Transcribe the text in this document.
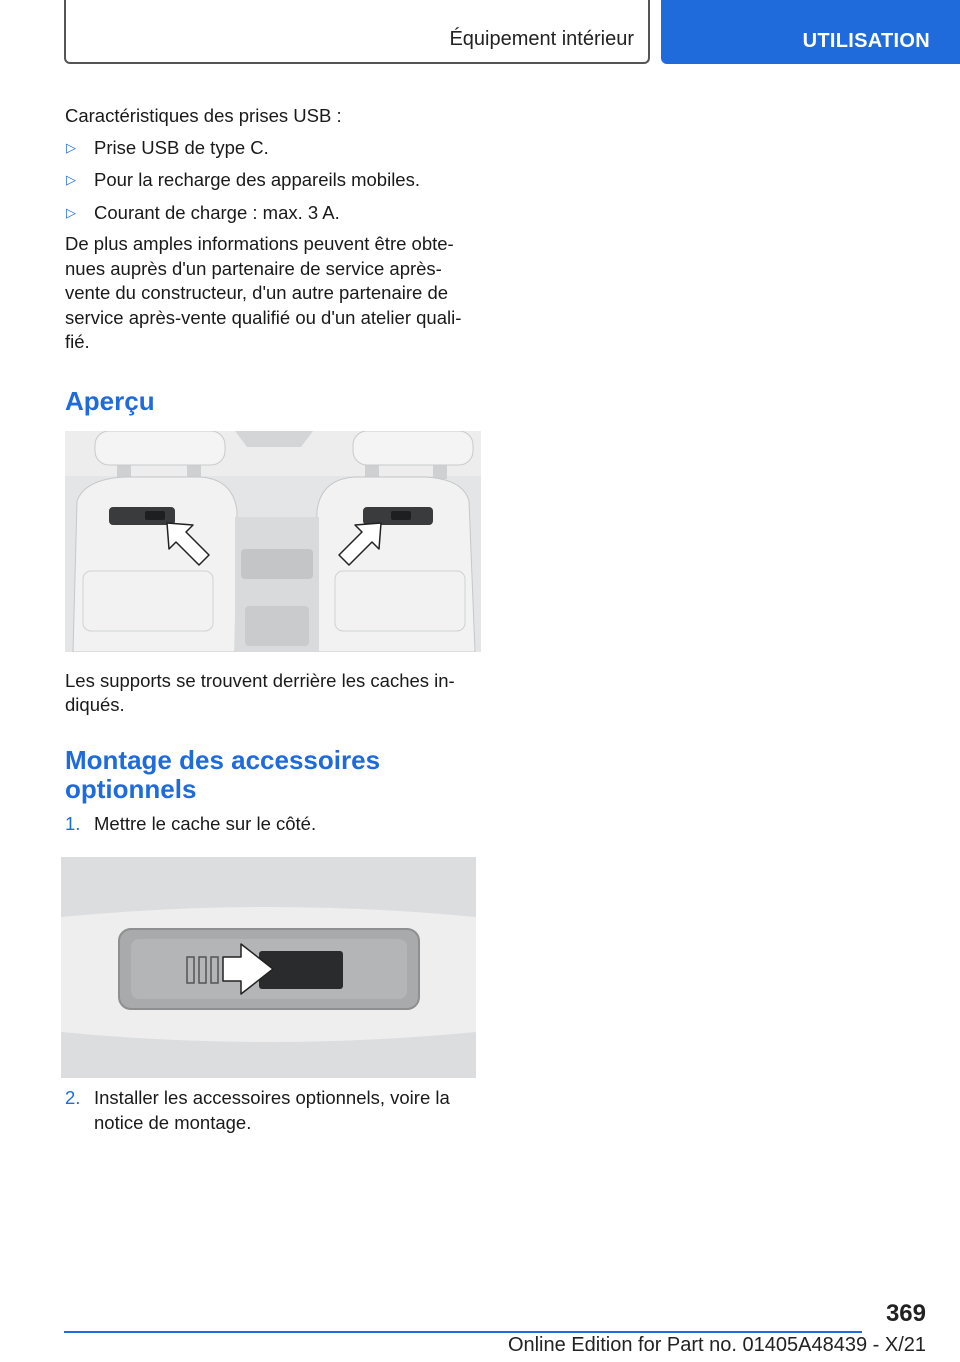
Équipement intérieur	UTILISATION

Caractéristiques des prises USB :

▷ Prise USB de type C.
▷ Pour la recharge des appareils mobiles.
▷ Courant de charge : max. 3 A.

De plus amples informations peuvent être obte-nues auprès d'un partenaire de service après-vente du constructeur, d'un autre partenaire de service après-vente qualifié ou d'un atelier quali-fié.

Aperçu

Les supports se trouvent derrière les caches in-diqués.

Montage des accessoires optionnels
1. Mettre le cache sur le côté.
2. Installer les accessoires optionnels, voire la notice de montage.
369
Online Edition for Part no. 01405A48439 - X/21
